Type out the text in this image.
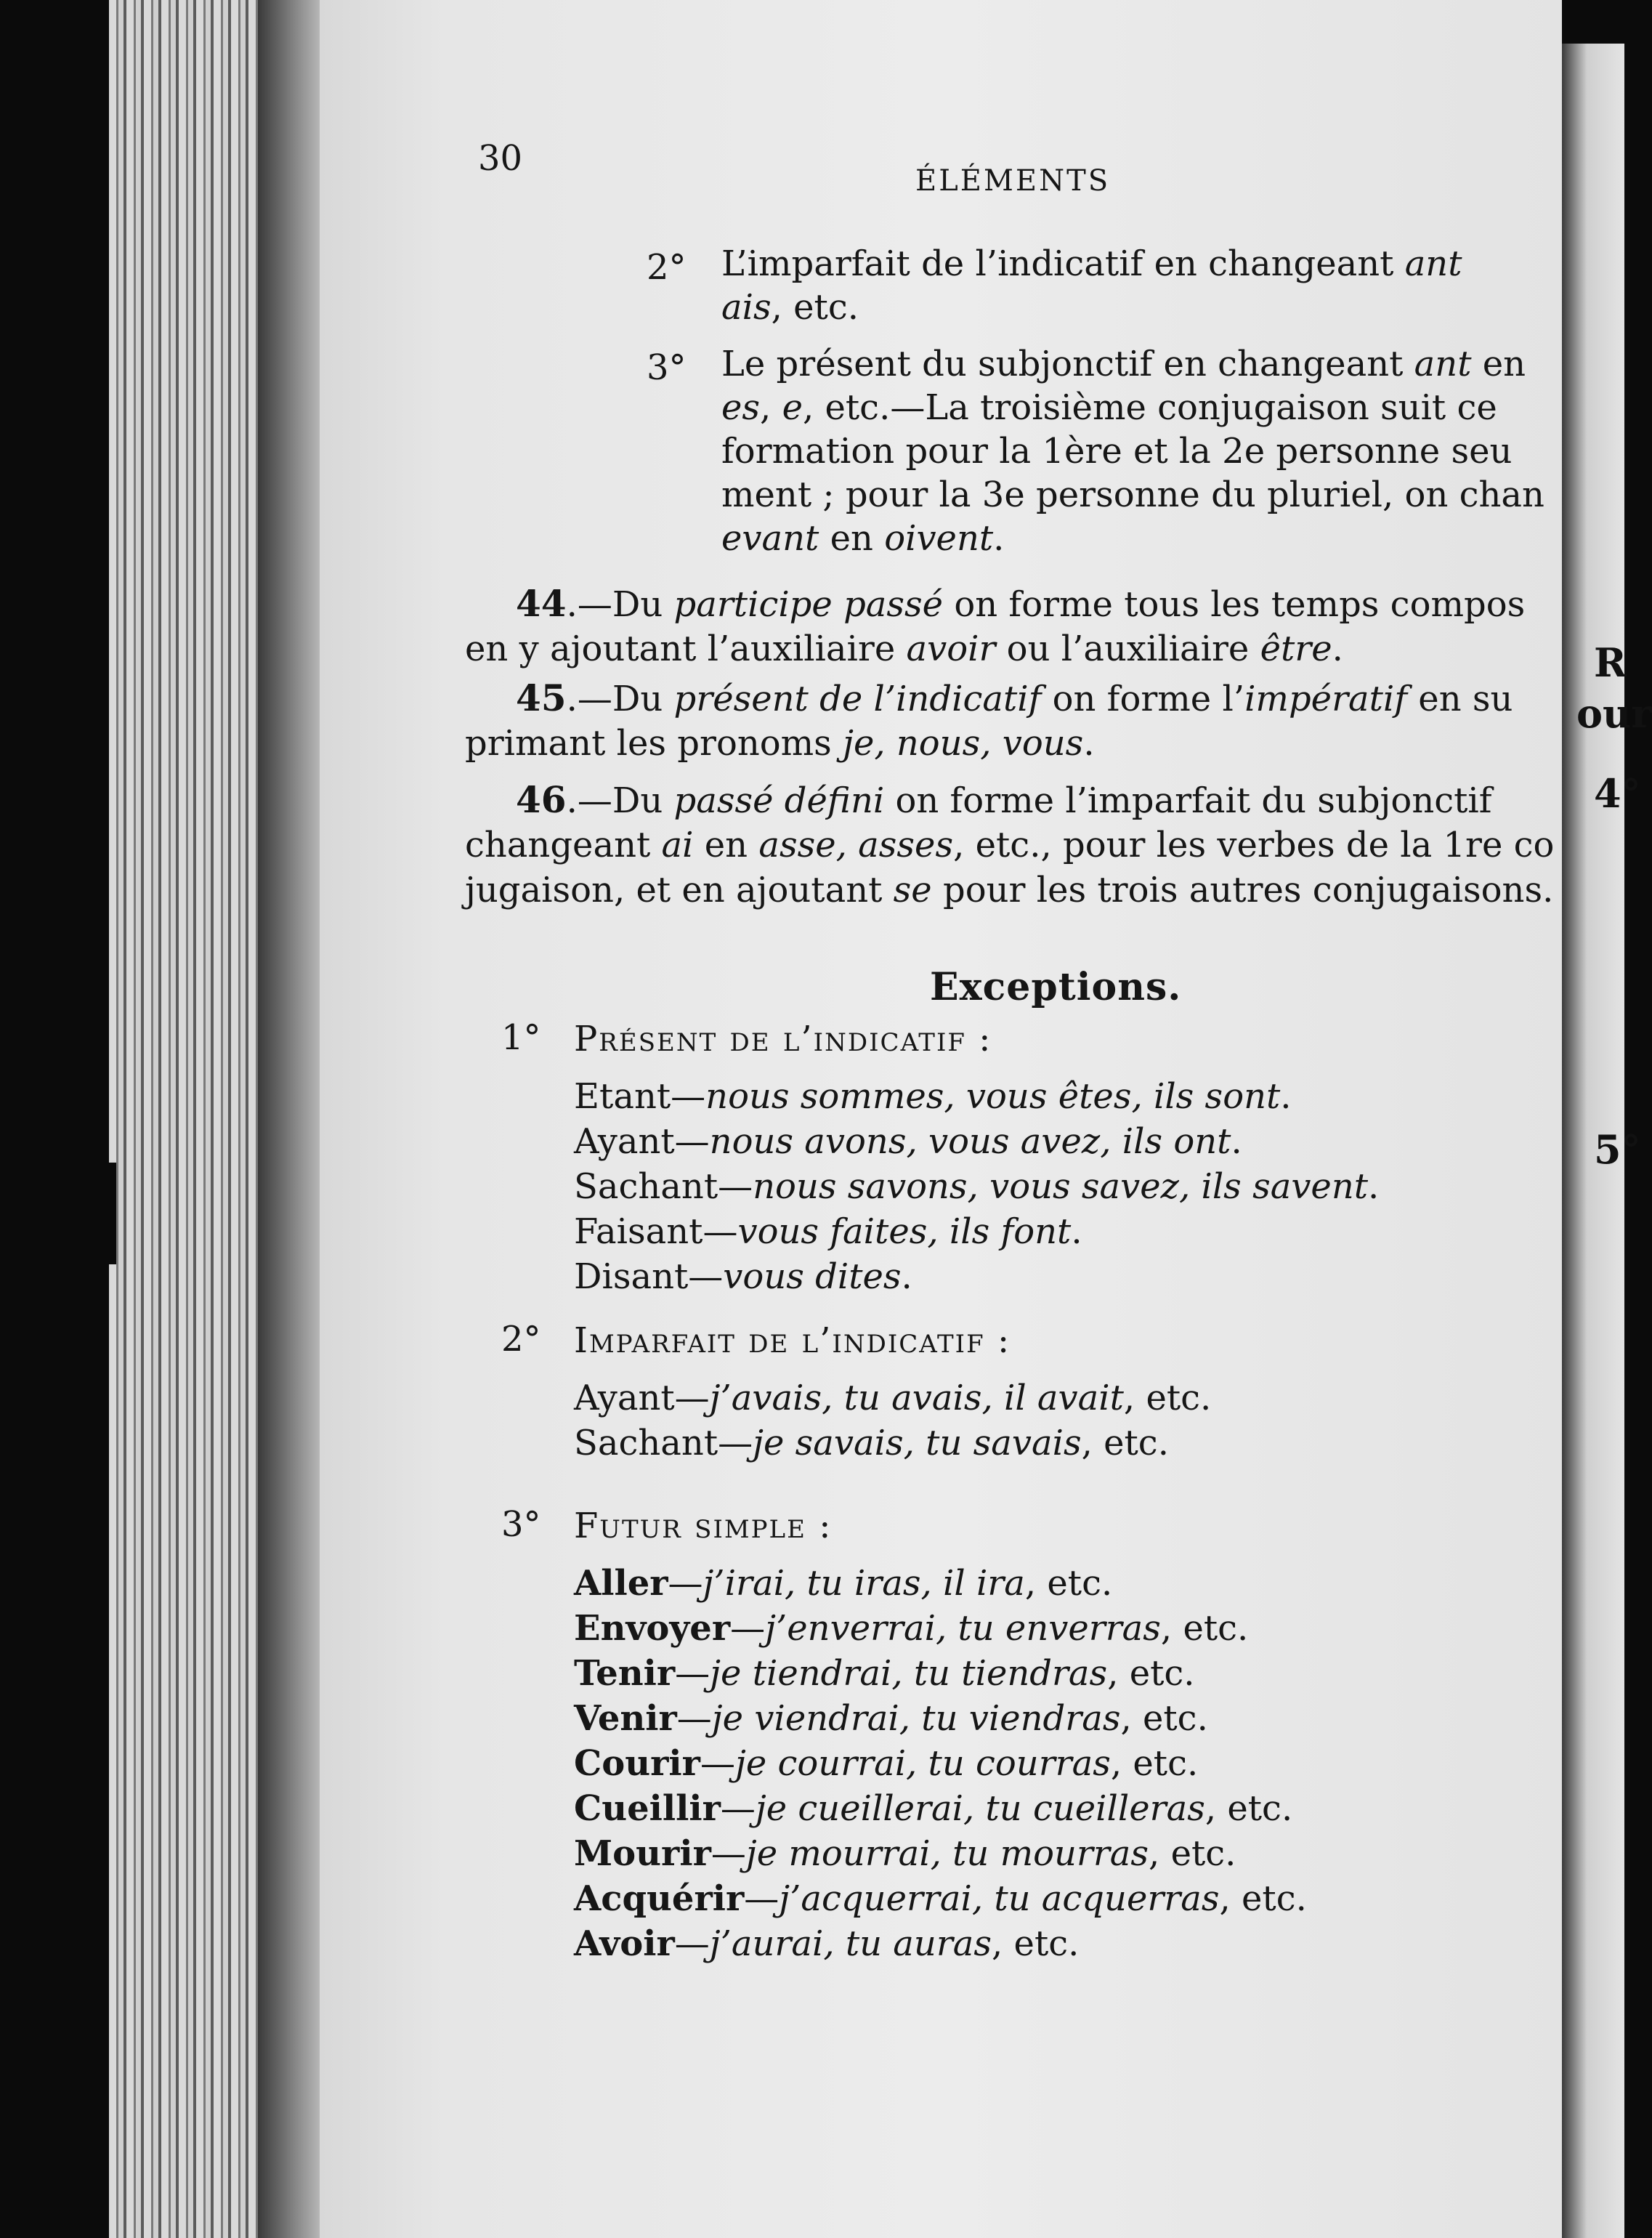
30
ÉLÉMENTS
2° L’imparfait de l’indicatif en changeant ant
ais, etc.
3° Le présent du subjonctif en changeant ant en
es, e, etc.—La troisième conjugaison suit ce
formation pour la 1ère et la 2e personne seu
ment ; pour la 3e personne du pluriel, on chan
evant en oivent.
44.—Du participe passé on forme tous les temps compos
en y ajoutant l’auxiliaire avoir ou l’auxiliaire être.
45.—Du présent de l’indicatif on forme l’impératif en su
primant les pronoms je, nous, vous.
46.—Du passé défini on forme l’imparfait du subjonctif
changeant ai en asse, asses, etc., pour les verbes de la 1re co
jugaison, et en ajoutant se pour les trois autres conjugaisons.
Exceptions.
1° Présent de l’indicatif :
Etant—nous sommes, vous êtes, ils sont.
Ayant—nous avons, vous avez, ils ont.
Sachant—nous savons, vous savez, ils savent.
Faisant—vous faites, ils font.
Disant—vous dites.
2° Imparfait de l’indicatif :
Ayant—j’avais, tu avais, il avait, etc.
Sachant—je savais, tu savais, etc.
3° Futur simple :
Aller—j’irai, tu iras, il ira, etc.
Envoyer—j’enverrai, tu enverras, etc.
Tenir—je tiendrai, tu tiendras, etc.
Venir—je viendrai, tu viendras, etc.
Courir—je courrai, tu courras, etc.
Cueillir—je cueillerai, tu cueilleras, etc.
Mourir—je mourrai, tu mourras, etc.
Acquérir—j’acquerrai, tu acquerras, etc.
Avoir—j’aurai, tu auras, etc.
R
our
4°
5°
